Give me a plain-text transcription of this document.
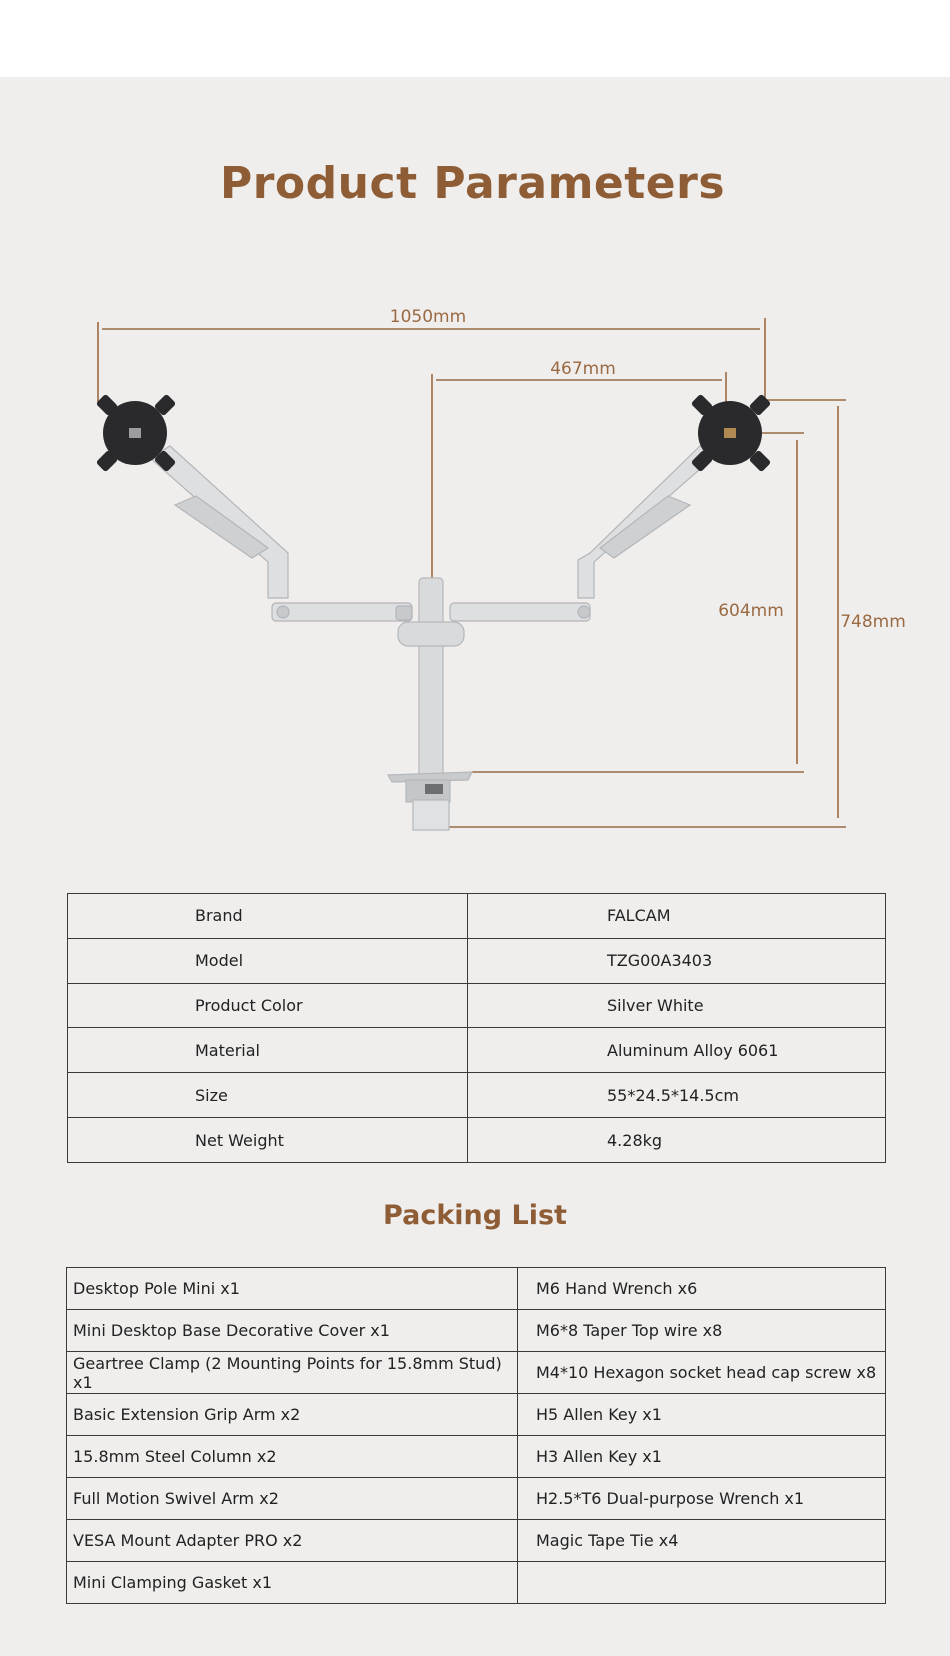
Product Parameters
1050mm
467mm
604mm
748mm
Brand	FALCAM
Model	TZG00A3403
Product Color	Silver White
Material	Aluminum Alloy 6061
Size	55*24.5*14.5cm
Net Weight	4.28kg
Packing List
Desktop Pole Mini x1	M6 Hand Wrench x6
Mini Desktop Base Decorative Cover x1	M6*8 Taper Top wire x8
Geartree Clamp (2 Mounting Points for 15.8mm Stud) x1	M4*10 Hexagon socket head cap screw x8
Basic Extension Grip Arm x2	H5 Allen Key x1
15.8mm Steel Column x2	H3 Allen Key x1
Full Motion Swivel Arm x2	H2.5*T6 Dual-purpose Wrench x1
VESA Mount Adapter PRO x2	Magic Tape Tie x4
Mini Clamping Gasket x1	
